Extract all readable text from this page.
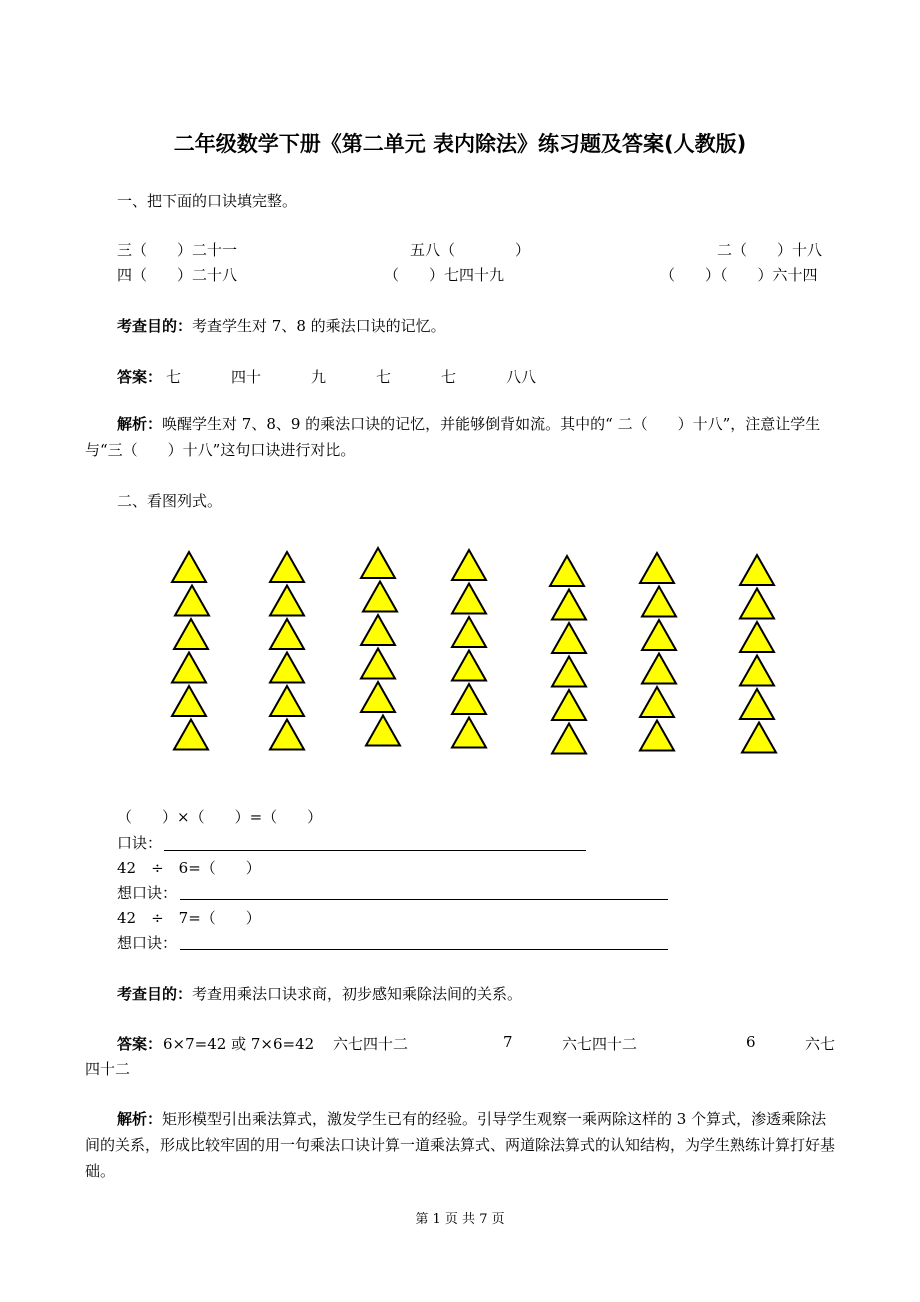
二年级数学下册《第二单元 表内除法》练习题及答案(人教版)
一、把下面的口诀填完整。
三（　　）二十一	五八（　　　　）	二（　　）十八
四（　　）二十八	（　　）七四十九	（　　）（　　）六十四
考查目的：考查学生对 7、8 的乘法口诀的记忆。
答案： 七	四十	九	七	七	八八
解析：唤醒学生对 7、8、9 的乘法口诀的记忆，并能够倒背如流。其中的“ 二（　　）十八”，注意让学生与“三（　　）十八”这句口诀进行对比。
二、看图列式。
（　　）×（　　）=（　　）
口诀：
42　÷　6=（　　）
想口诀：
42　÷　7=（　　）
想口诀：
考查目的：考查用乘法口诀求商，初步感知乘除法间的关系。
答案： 6×7=42 或 7×6=42 六七四十二	7	六七四十二	6	六七
四十二
解析：矩形模型引出乘法算式，激发学生已有的经验。引导学生观察一乘两除这样的 3 个算式，渗透乘除法间的关系，形成比较牢固的用一句乘法口诀计算一道乘法算式、两道除法算式的认知结构，为学生熟练计算打好基础。
第 1 页 共 7 页
